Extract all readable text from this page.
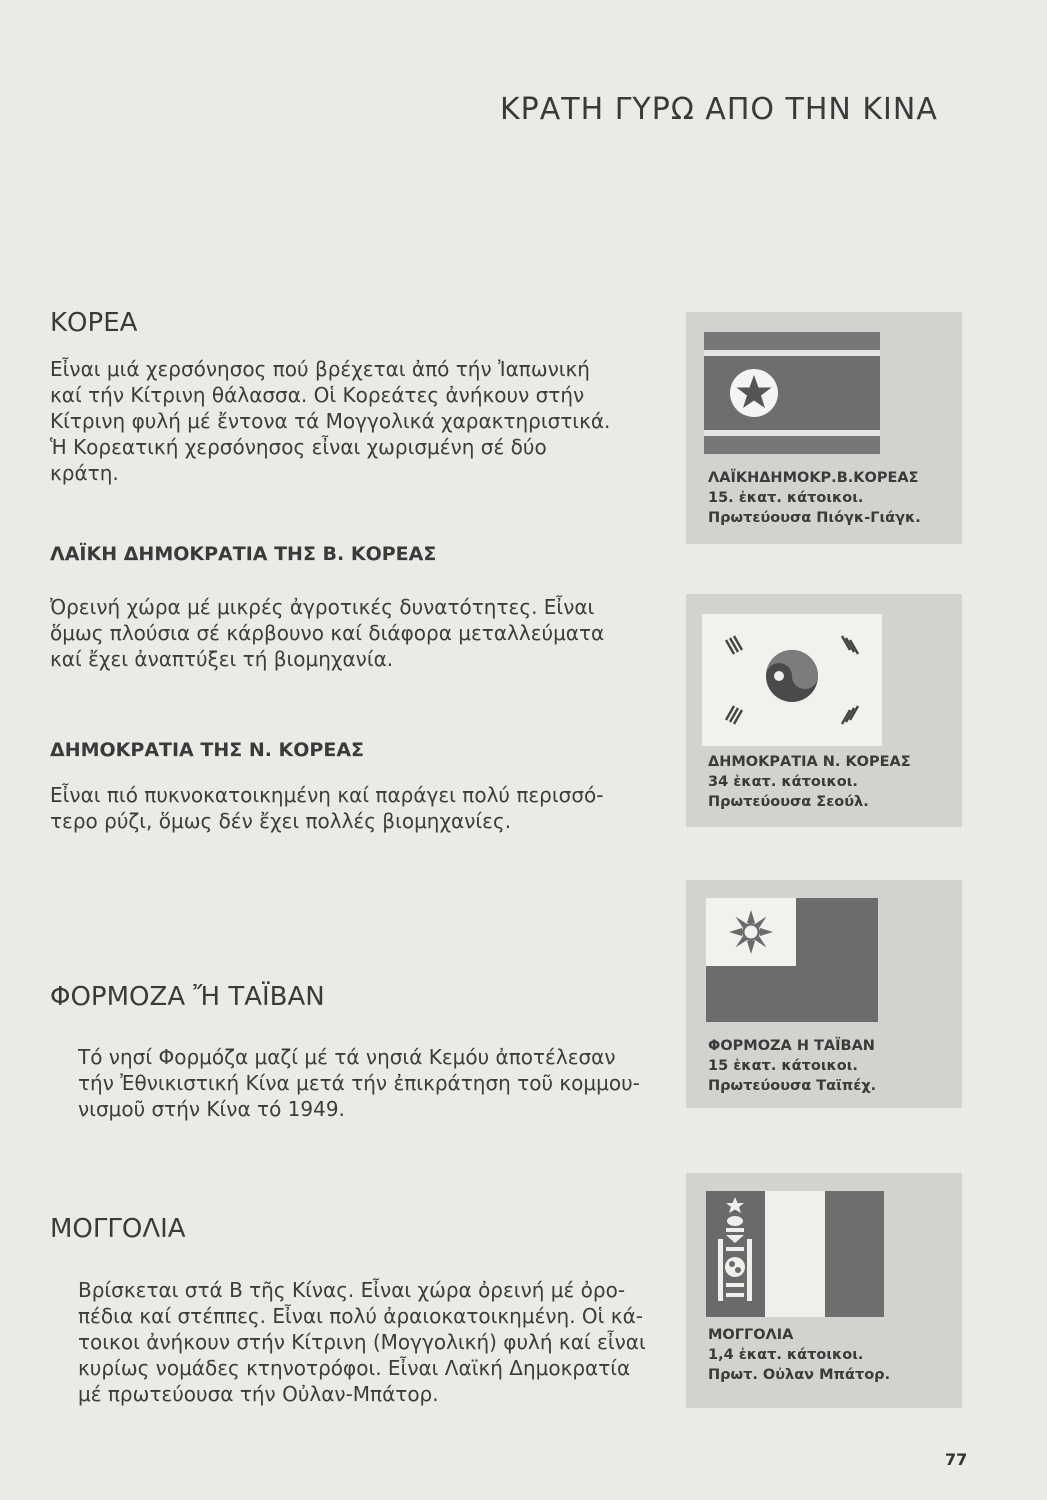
ΚΡΑΤΗ ΓΥΡΩ ΑΠΟ ΤΗΝ ΚΙΝΑ
ΚΟΡΕΑ
Εἶναι μιά χερσόνησος πού βρέχεται ἀπό τήν Ἰαπωνική
καί τήν Κίτρινη θάλασσα. Οἱ Κορεάτες ἀνήκουν στήν
Κίτρινη φυλή μέ ἔντονα τά Μογγολικά χαρακτηριστικά.
Ἡ Κορεατική χερσόνησος εἶναι χωρισμένη σέ δύο
κράτη.
ΛΑΪΚΗ ΔΗΜΟΚΡΑΤΙΑ ΤΗΣ Β. ΚΟΡΕΑΣ
Ὀρεινή χώρα μέ μικρές ἀγροτικές δυνατότητες. Εἶναι
ὅμως πλούσια σέ κάρβουνο καί διάφορα μεταλλεύματα
καί ἔχει ἀναπτύξει τή βιομηχανία.
ΔΗΜΟΚΡΑΤΙΑ ΤΗΣ Ν. ΚΟΡΕΑΣ
Εἶναι πιό πυκνοκατοικημένη καί παράγει πολύ περισσό-
τερο ρύζι, ὅμως δέν ἔχει πολλές βιομηχανίες.
ΦΟΡΜΟΖΑ Ἤ ΤΑΪΒΑΝ
Τό νησί Φορμόζα μαζί μέ τά νησιά Κεμόυ ἀποτέλεσαν
τήν Ἐθνικιστική Κίνα μετά τήν ἐπικράτηση τοῦ κομμου-
νισμοῦ στήν Κίνα τό 1949.
ΜΟΓΓΟΛΙΑ
Βρίσκεται στά Β τῆς Κίνας. Εἶναι χώρα ὀρεινή μέ ὀρο-
πέδια καί στέππες. Εἶναι πολύ ἀραιοκατοικημένη. Οἱ κά-
τοικοι ἀνήκουν στήν Κίτρινη (Μογγολική) φυλή καί εἶναι
κυρίως νομάδες κτηνοτρόφοι. Εἶναι Λαϊκή Δημοκρατία
μέ πρωτεύουσα τήν Οὐλαν-Μπάτορ.
ΛΑΪΚΗΔΗΜΟΚΡ.Β.ΚΟΡΕΑΣ
15. ἑκατ. κάτοικοι.
Πρωτεύουσα Πιόγκ-Γιάγκ.
ΔΗΜΟΚΡΑΤΙΑ Ν. ΚΟΡΕΑΣ
34 ἑκατ. κάτοικοι.
Πρωτεύουσα Σεούλ.
ΦΟΡΜΟΖΑ Η ΤΑΪΒΑΝ
15 ἑκατ. κάτοικοι.
Πρωτεύουσα Ταϊπέχ.
ΜΟΓΓΟΛΙΑ
1,4 ἑκατ. κάτοικοι.
Πρωτ. Οὐλαν Μπάτορ.
77
